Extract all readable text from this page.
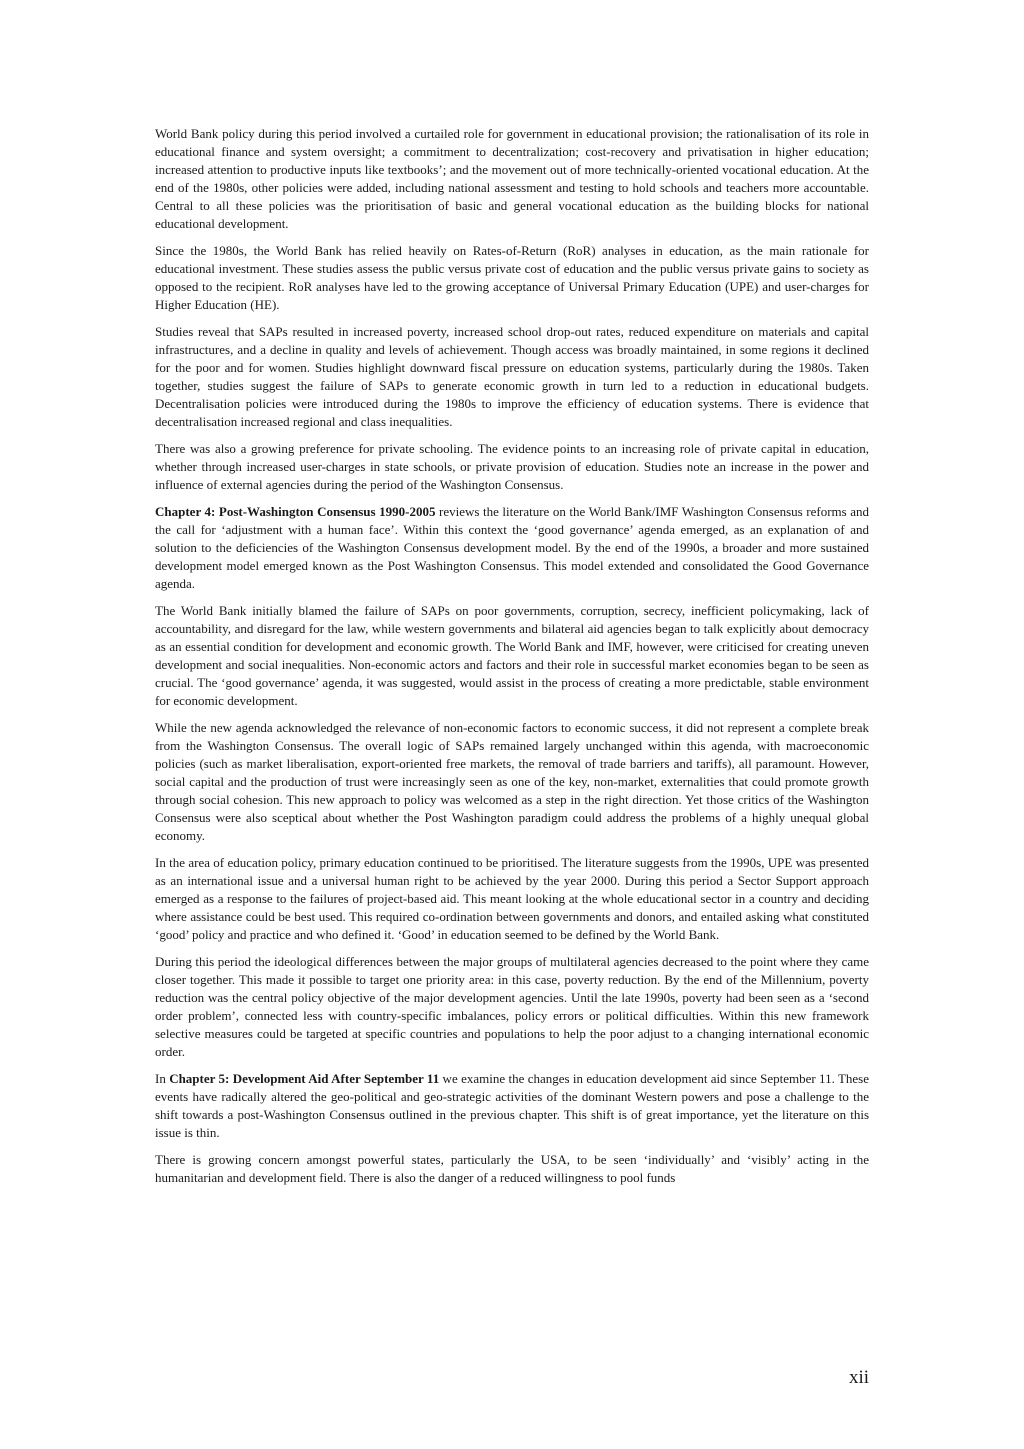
World Bank policy during this period involved a curtailed role for government in educational provision; the rationalisation of its role in educational finance and system oversight; a commitment to decentralization; cost-recovery and privatisation in higher education; increased attention to productive inputs like textbooks’; and the movement out of more technically-oriented vocational education. At the end of the 1980s, other policies were added, including national assessment and testing to hold schools and teachers more accountable. Central to all these policies was the prioritisation of basic and general vocational education as the building blocks for national educational development.

Since the 1980s, the World Bank has relied heavily on Rates-of-Return (RoR) analyses in education, as the main rationale for educational investment. These studies assess the public versus private cost of education and the public versus private gains to society as opposed to the recipient. RoR analyses have led to the growing acceptance of Universal Primary Education (UPE) and user-charges for Higher Education (HE).

Studies reveal that SAPs resulted in increased poverty, increased school drop-out rates, reduced expenditure on materials and capital infrastructures, and a decline in quality and levels of achievement. Though access was broadly maintained, in some regions it declined for the poor and for women. Studies highlight downward fiscal pressure on education systems, particularly during the 1980s. Taken together, studies suggest the failure of SAPs to generate economic growth in turn led to a reduction in educational budgets. Decentralisation policies were introduced during the 1980s to improve the efficiency of education systems. There is evidence that decentralisation increased regional and class inequalities.

There was also a growing preference for private schooling. The evidence points to an increasing role of private capital in education, whether through increased user-charges in state schools, or private provision of education. Studies note an increase in the power and influence of external agencies during the period of the Washington Consensus.

Chapter 4: Post-Washington Consensus 1990-2005 reviews the literature on the World Bank/IMF Washington Consensus reforms and the call for ‘adjustment with a human face’. Within this context the ‘good governance’ agenda emerged, as an explanation of and solution to the deficiencies of the Washington Consensus development model. By the end of the 1990s, a broader and more sustained development model emerged known as the Post Washington Consensus. This model extended and consolidated the Good Governance agenda.

The World Bank initially blamed the failure of SAPs on poor governments, corruption, secrecy, inefficient policymaking, lack of accountability, and disregard for the law, while western governments and bilateral aid agencies began to talk explicitly about democracy as an essential condition for development and economic growth. The World Bank and IMF, however, were criticised for creating uneven development and social inequalities. Non-economic actors and factors and their role in successful market economies began to be seen as crucial. The ‘good governance’ agenda, it was suggested, would assist in the process of creating a more predictable, stable environment for economic development.

While the new agenda acknowledged the relevance of non-economic factors to economic success, it did not represent a complete break from the Washington Consensus. The overall logic of SAPs remained largely unchanged within this agenda, with macroeconomic policies (such as market liberalisation, export-oriented free markets, the removal of trade barriers and tariffs), all paramount. However, social capital and the production of trust were increasingly seen as one of the key, non-market, externalities that could promote growth through social cohesion. This new approach to policy was welcomed as a step in the right direction. Yet those critics of the Washington Consensus were also sceptical about whether the Post Washington paradigm could address the problems of a highly unequal global economy.

In the area of education policy, primary education continued to be prioritised. The literature suggests from the 1990s, UPE was presented as an international issue and a universal human right to be achieved by the year 2000. During this period a Sector Support approach emerged as a response to the failures of project-based aid. This meant looking at the whole educational sector in a country and deciding where assistance could be best used. This required co-ordination between governments and donors, and entailed asking what constituted ‘good’ policy and practice and who defined it. ‘Good’ in education seemed to be defined by the World Bank.

During this period the ideological differences between the major groups of multilateral agencies decreased to the point where they came closer together. This made it possible to target one priority area: in this case, poverty reduction. By the end of the Millennium, poverty reduction was the central policy objective of the major development agencies. Until the late 1990s, poverty had been seen as a ‘second order problem’, connected less with country-specific imbalances, policy errors or political difficulties. Within this new framework selective measures could be targeted at specific countries and populations to help the poor adjust to a changing international economic order.

In Chapter 5: Development Aid After September 11 we examine the changes in education development aid since September 11. These events have radically altered the geo-political and geo-strategic activities of the dominant Western powers and pose a challenge to the shift towards a post-Washington Consensus outlined in the previous chapter. This shift is of great importance, yet the literature on this issue is thin.

There is growing concern amongst powerful states, particularly the USA, to be seen ‘individually’ and ‘visibly’ acting in the humanitarian and development field. There is also the danger of a reduced willingness to pool funds

xii
